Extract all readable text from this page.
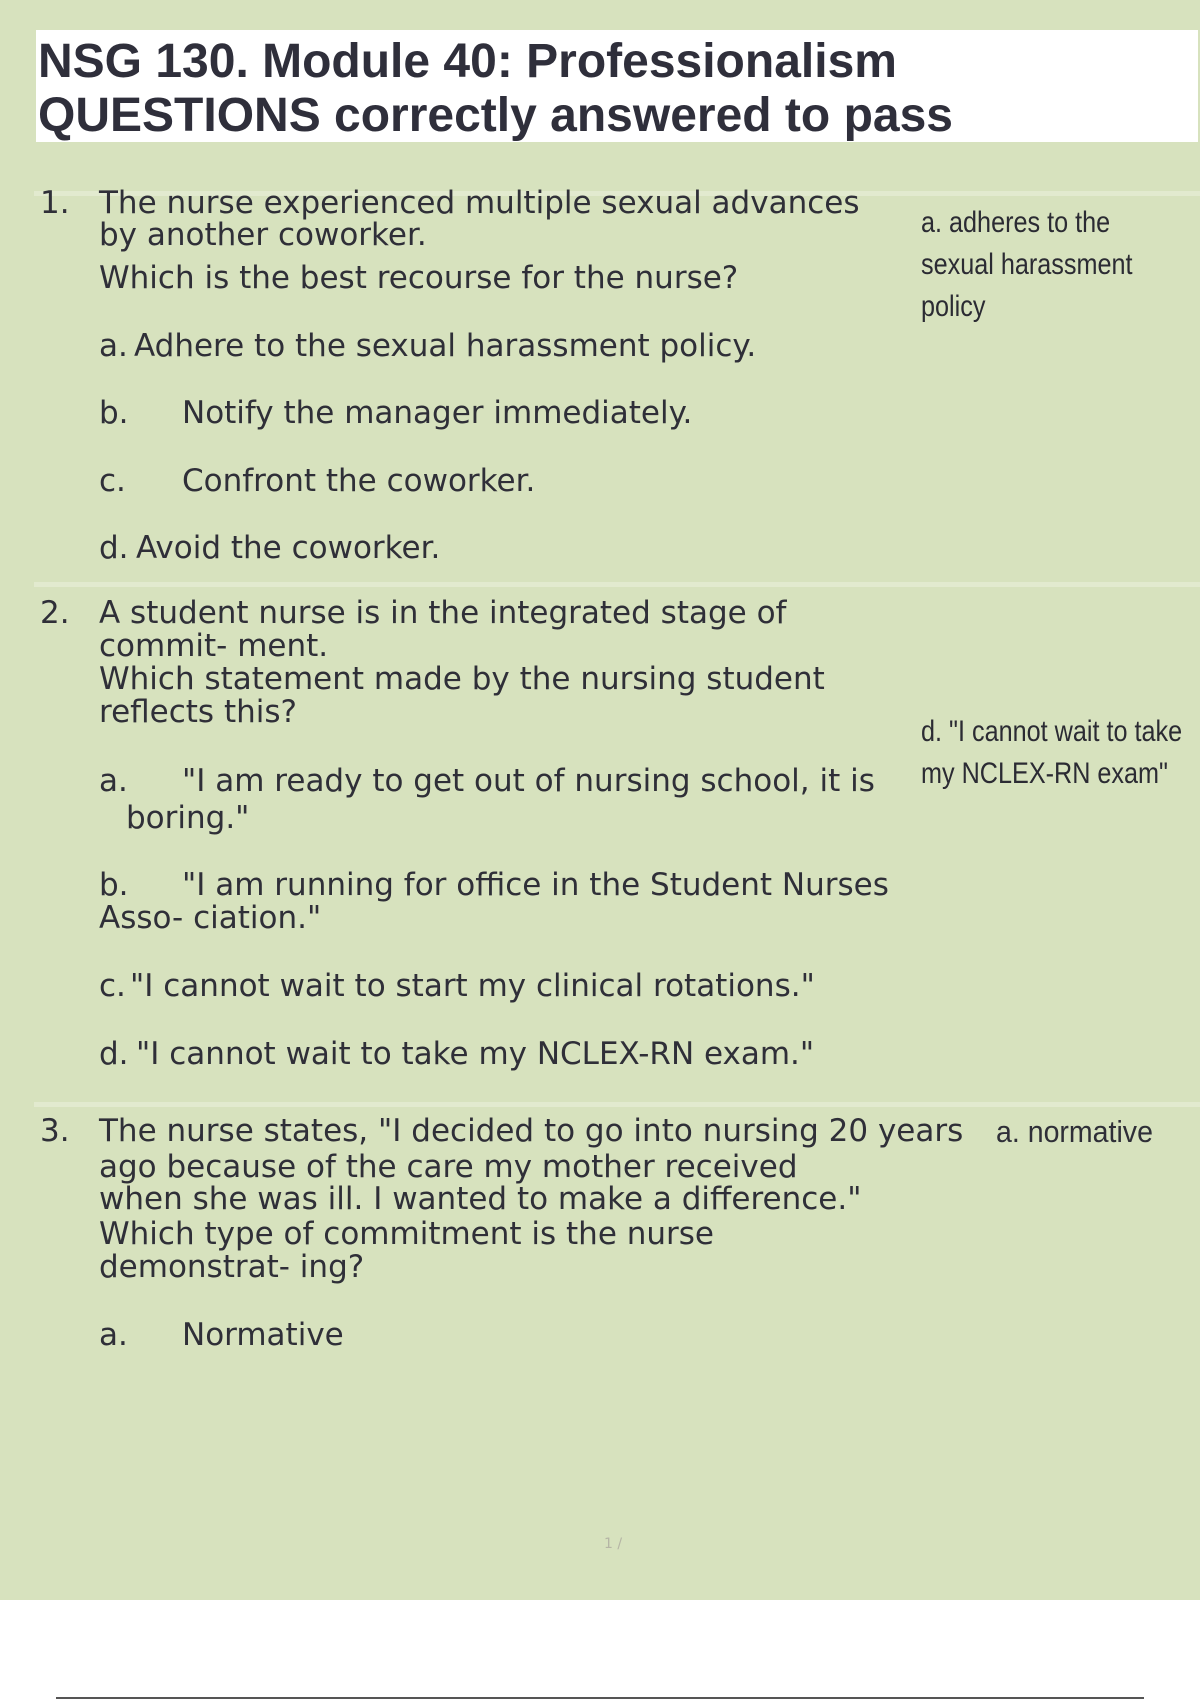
NSG 130. Module 40: Professionalism
QUESTIONS correctly answered to pass
1. The nurse experienced multiple sexual advances
by another coworker.
Which is the best recourse for the nurse?
a. Adhere to the sexual harassment policy.
b. Notify the manager immediately.
c. Confront the coworker.
d. Avoid the coworker.
a. adheres to the
sexual harassment
policy
2. A student nurse is in the integrated stage of
commit- ment.
Which statement made by the nursing student
reflects this?
a. "I am ready to get out of nursing school, it is
boring."
b. "I am running for office in the Student Nurses
Asso- ciation."
c. "I cannot wait to start my clinical rotations."
d. "I cannot wait to take my NCLEX-RN exam."
d. "I cannot wait to take
my NCLEX-RN exam"
3. The nurse states, "I decided to go into nursing 20 years
ago because of the care my mother received
when she was ill. I wanted to make a difference."
Which type of commitment is the nurse
demonstrat- ing?
a. Normative
a. normative
1 /
